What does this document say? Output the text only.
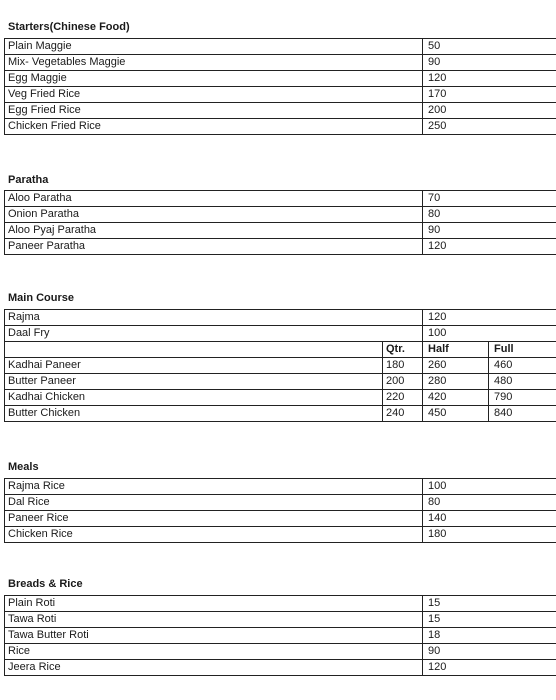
Starters(Chinese Food)
Plain Maggie	50
Mix- Vegetables Maggie	90
Egg Maggie	120
Veg Fried Rice	170
Egg Fried Rice	200
Chicken Fried Rice	250
Paratha
Aloo Paratha	70
Onion Paratha	80
Aloo Pyaj Paratha	90
Paneer Paratha	120
Main Course
Rajma		120	
Daal Fry		100	
	Qtr.	Half	Full
Kadhai Paneer	180	260	460
Butter Paneer	200	280	480
Kadhai Chicken	220	420	790
Butter Chicken	240	450	840
Meals
Rajma Rice	100
Dal Rice	80
Paneer Rice	140
Chicken Rice	180
Breads & Rice
Plain Roti	15
Tawa Roti	15
Tawa Butter Roti	18
Rice	90
Jeera Rice	120
